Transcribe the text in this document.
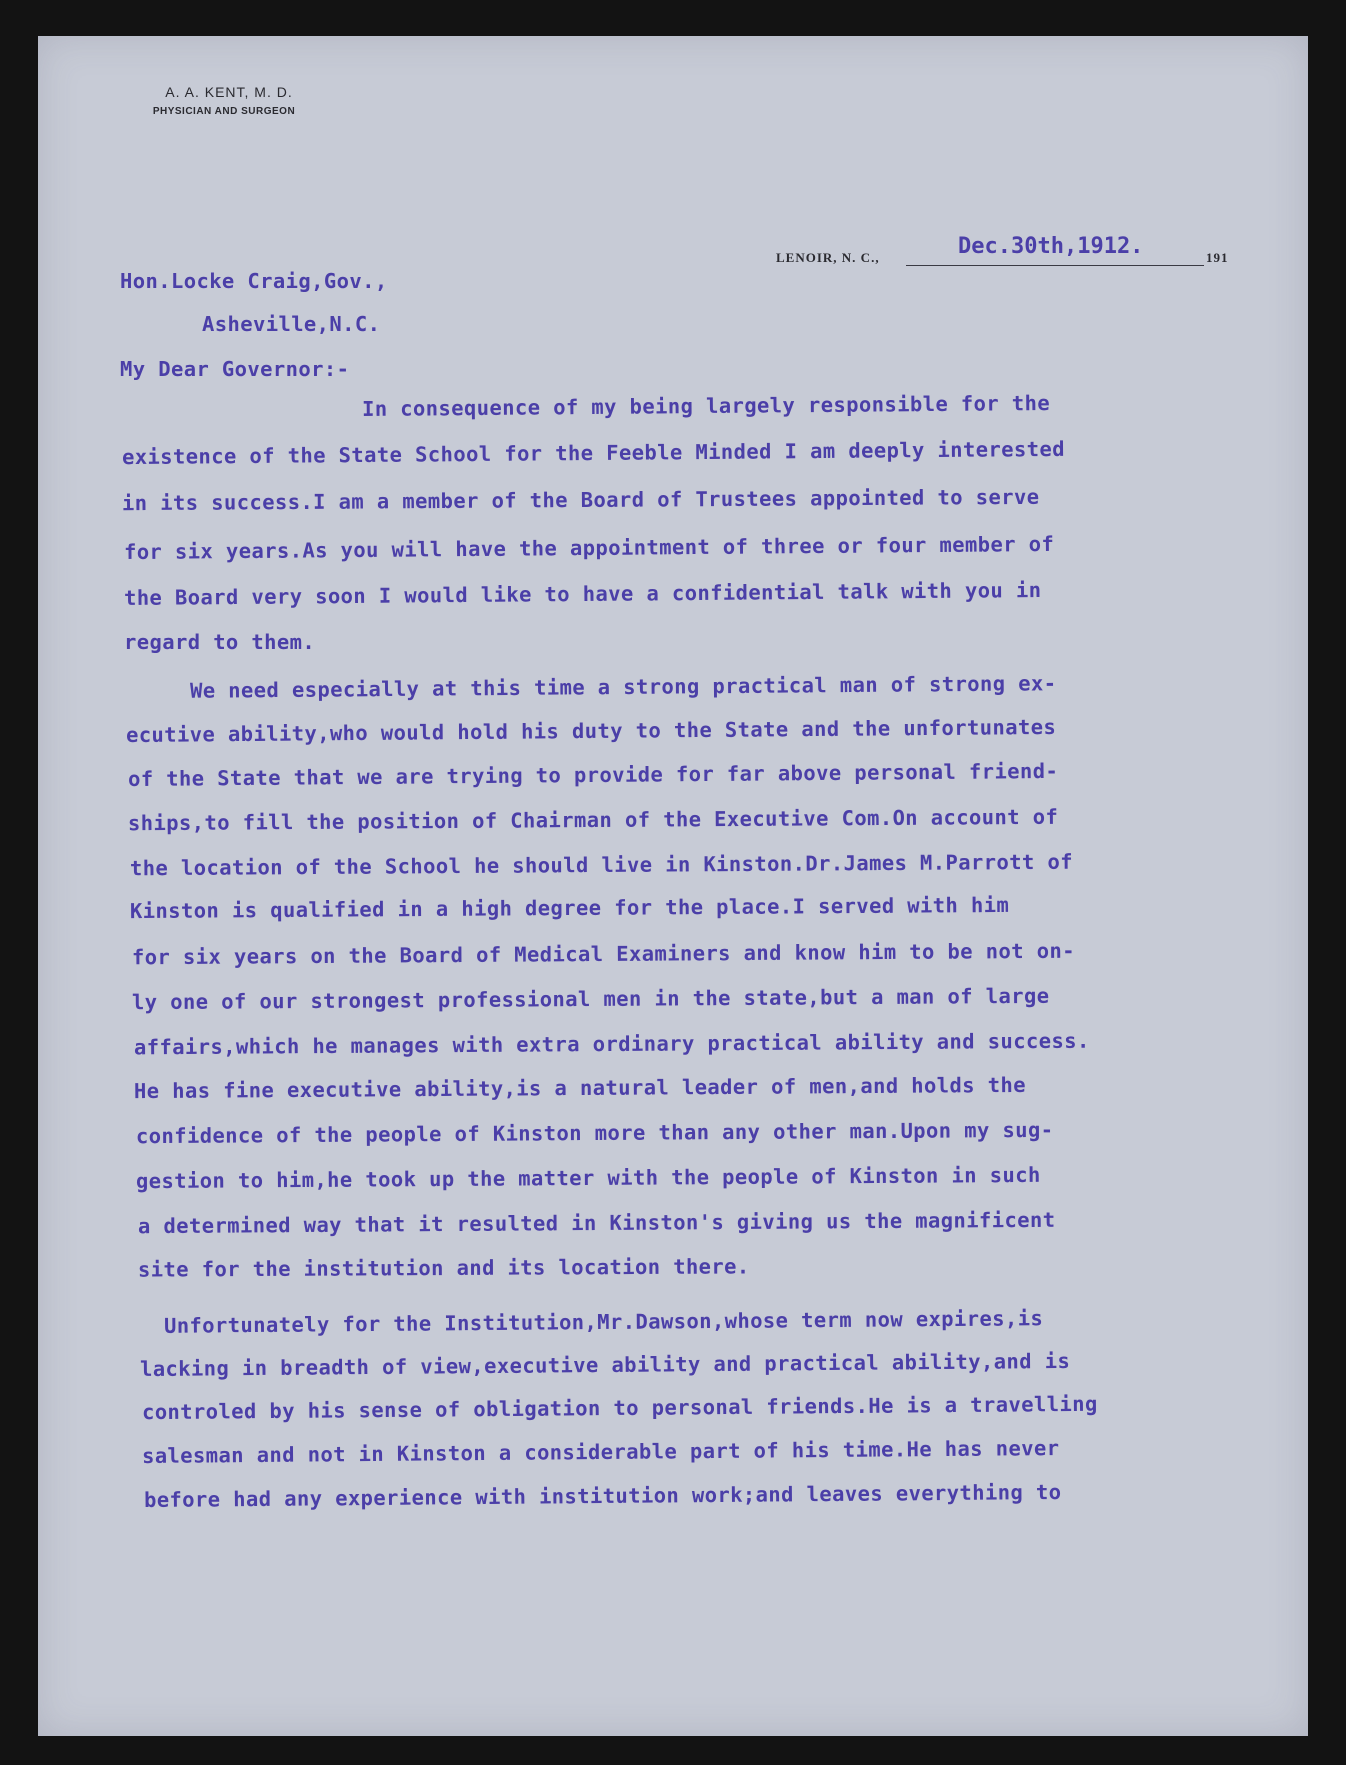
A. A. KENT, M. D.
PHYSICIAN AND SURGEON
LENOIR, N. C.,	Dec.30th,1912.	191
Hon.Locke Craig,Gov.,
Asheville,N.C.
My Dear Governor:-
In consequence of my being largely responsible for the
existence of the State School for the Feeble Minded I am deeply interested
in its success.I am a member of the Board of Trustees appointed to serve
for six years.As you will have the appointment of three or four member of
the Board very soon I would like to have a confidential talk with you in
regard to them.
We need especially at this time a strong practical man of strong ex-
ecutive ability,who would hold his duty to the State and the unfortunates
of the State that we are trying to provide for far above personal friend-
ships,to fill the position of Chairman of the Executive Com.On account of
the location of the School he should live in Kinston.Dr.James M.Parrott of
Kinston is qualified in a high degree for the place.I served with him
for six years on the Board of Medical Examiners and know him to be not on-
ly one of our strongest professional men in the state,but a man of large
affairs,which he manages with extra ordinary practical ability and success.
He has fine executive ability,is a natural leader of men,and holds the
confidence of the people of Kinston more than any other man.Upon my sug-
gestion to him,he took up the matter with the people of Kinston in such
a determined way that it resulted in Kinston's giving us the magnificent
site for the institution and its location there.
Unfortunately for the Institution,Mr.Dawson,whose term now expires,is
lacking in breadth of view,executive ability and practical ability,and is
controled by his sense of obligation to personal friends.He is a travelling
salesman and not in Kinston a considerable part of his time.He has never
before had any experience with institution work;and leaves everything to
